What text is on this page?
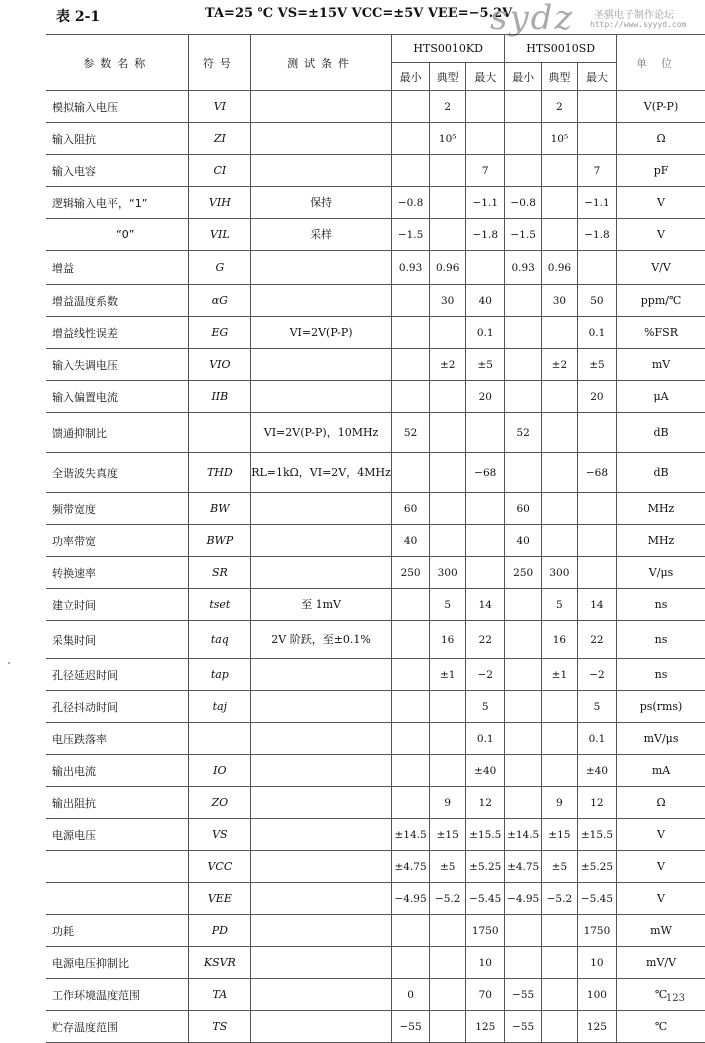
表 2-1	TA=25 ℃ VS=±15V VCC=±5V VEE=−5.2V
sydz 圣骐电子制作论坛
http://www.syyyd.com
参数名称	符号	测试条件	HTS0010KD			HTS0010SD			单位
			最小	典型	最大	最小	典型	最大	
模拟输入电压	VI			2			2		V(P-P)
输入阻抗	ZI			10⁵			10⁵		Ω
输入电容	CI				7			7	pF
逻辑输入电平，“1”	VIH	保持	−0.8		−1.1	−0.8		−1.1	V
“0”	VIL	采样	−1.5		−1.8	−1.5		−1.8	V
增益	G		0.93	0.96		0.93	0.96		V/V
增益温度系数	αG			30	40		30	50	ppm/℃
增益线性误差	EG	VI=2V(P-P)			0.1			0.1	%FSR
输入失调电压	VIO			±2	±5		±2	±5	mV
输入偏置电流	IIB				20			20	μA
馈通抑制比		VI=2V(P-P)，10MHz	52			52			dB
全谐波失真度	THD	RL=1kΩ，VI=2V，4MHz			−68			−68	dB
频带宽度	BW		60			60			MHz
功率带宽	BWP		40			40			MHz
转换速率	SR		250	300		250	300		V/μs
建立时间	tset	至 1mV		5	14		5	14	ns
采集时间	taq	2V 阶跃，至±0.1%		16	22		16	22	ns
孔径延迟时间	tap			±1	−2		±1	−2	ns
孔径抖动时间	taj				5			5	ps(rms)
电压跌落率					0.1			0.1	mV/μs
输出电流	IO				±40			±40	mA
输出阻抗	ZO			9	12		9	12	Ω
电源电压	VS		±14.5	±15	±15.5	±14.5	±15	±15.5	V
	VCC		±4.75	±5	±5.25	±4.75	±5	±5.25	V
	VEE		−4.95	−5.2	−5.45	−4.95	−5.2	−5.45	V
功耗	PD				1750			1750	mW
电源电压抑制比	KSVR				10			10	mV/V
工作环境温度范围	TA		0		70	−55		100	℃
贮存温度范围	TS		−55		125	−55		125	℃
123
